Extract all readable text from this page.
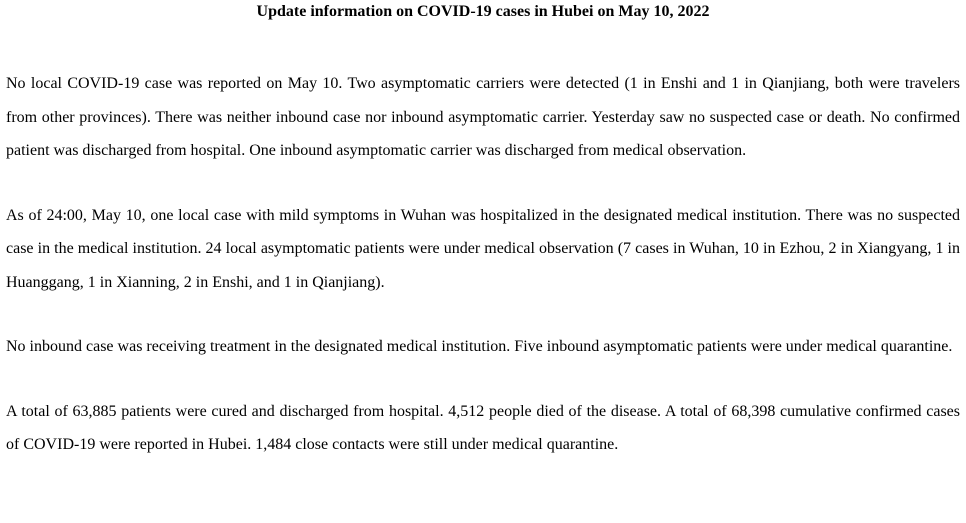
Update information on COVID-19 cases in Hubei on May 10, 2022

No local COVID-19 case was reported on May 10. Two asymptomatic carriers were detected (1 in Enshi and 1 in Qianjiang, both were travelers from other provinces). There was neither inbound case nor inbound asymptomatic carrier. Yesterday saw no suspected case or death. No confirmed patient was discharged from hospital. One inbound asymptomatic carrier was discharged from medical observation.

As of 24:00, May 10, one local case with mild symptoms in Wuhan was hospitalized in the designated medical institution. There was no suspected case in the medical institution. 24 local asymptomatic patients were under medical observation (7 cases in Wuhan, 10 in Ezhou, 2 in Xiangyang, 1 in Huanggang, 1 in Xianning, 2 in Enshi, and 1 in Qianjiang).

No inbound case was receiving treatment in the designated medical institution. Five inbound asymptomatic patients were under medical quarantine.

A total of 63,885 patients were cured and discharged from hospital. 4,512 people died of the disease. A total of 68,398 cumulative confirmed cases of COVID-19 were reported in Hubei. 1,484 close contacts were still under medical quarantine.
